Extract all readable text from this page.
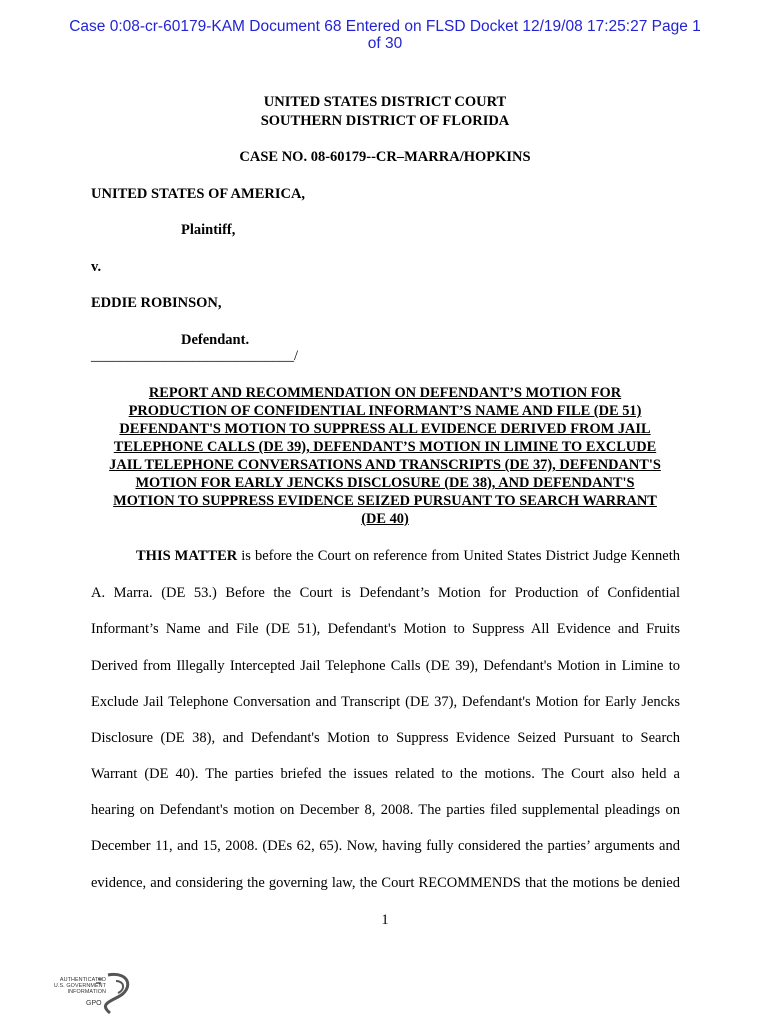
Case 0:08-cr-60179-KAM Document 68 Entered on FLSD Docket 12/19/08 17:25:27 Page 1
of 30
UNITED STATES DISTRICT COURT
SOUTHERN DISTRICT OF FLORIDA
CASE NO. 08-60179--CR–MARRA/HOPKINS
UNITED STATES OF AMERICA,
Plaintiff,
v.
EDDIE ROBINSON,
Defendant.
____________________________/
REPORT AND RECOMMENDATION ON DEFENDANT’S MOTION FOR
PRODUCTION OF CONFIDENTIAL INFORMANT’S NAME AND FILE (DE 51)
DEFENDANT'S MOTION TO SUPPRESS ALL EVIDENCE DERIVED FROM JAIL
TELEPHONE CALLS (DE 39), DEFENDANT’S MOTION IN LIMINE TO EXCLUDE
JAIL TELEPHONE CONVERSATIONS AND TRANSCRIPTS (DE 37), DEFENDANT'S
MOTION FOR EARLY JENCKS DISCLOSURE (DE 38), AND DEFENDANT'S
MOTION TO SUPPRESS EVIDENCE SEIZED PURSUANT TO SEARCH WARRANT
(DE 40)
THIS MATTER is before the Court on reference from United States District Judge Kenneth
A. Marra. (DE 53.) Before the Court is Defendant’s Motion for Production of Confidential
Informant’s Name and File (DE 51), Defendant's Motion to Suppress All Evidence and Fruits
Derived from Illegally Intercepted Jail Telephone Calls (DE 39), Defendant's Motion in Limine to
Exclude Jail Telephone Conversation and Transcript (DE 37), Defendant's Motion for Early Jencks
Disclosure (DE 38), and Defendant's Motion to Suppress Evidence Seized Pursuant to Search
Warrant (DE 40). The parties briefed the issues related to the motions. The Court also held a
hearing on Defendant's motion on December 8, 2008. The parties filed supplemental pleadings on
December 11, and 15, 2008. (DEs 62, 65). Now, having fully considered the parties’ arguments and
evidence, and considering the governing law, the Court RECOMMENDS that the motions be denied
1
AUTHENTICATED
U.S. GOVERNMENT
INFORMATION
GPO
